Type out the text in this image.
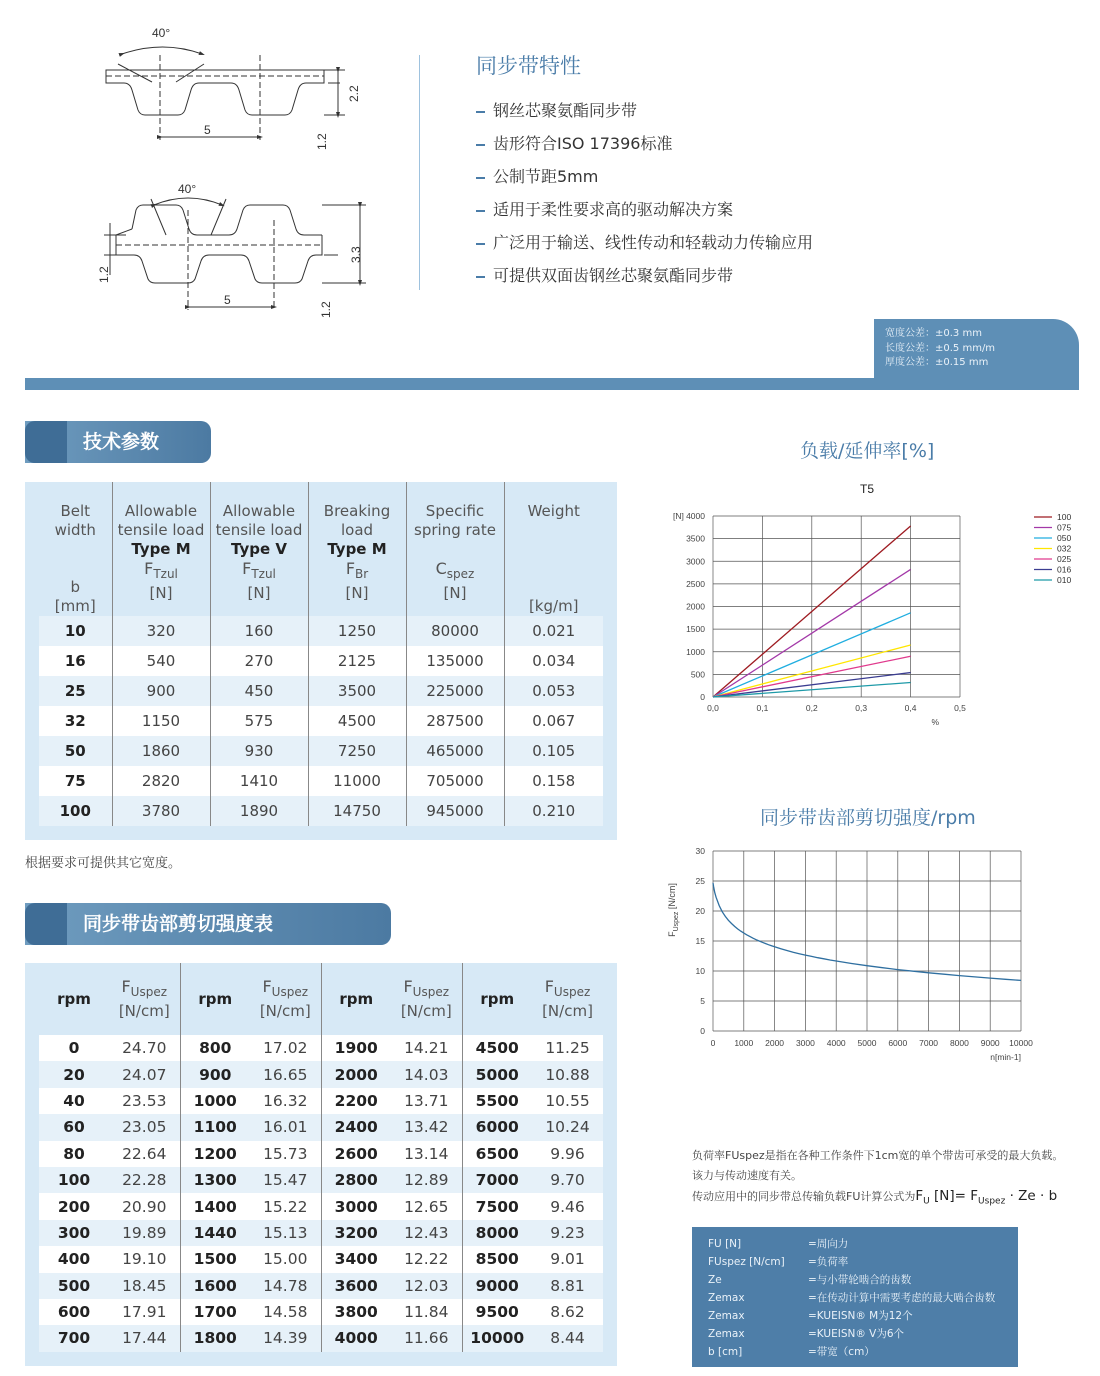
40°
5
2.2
1.2
40°
5
3.3
1.2
1.2
同步带特性
钢丝芯聚氨酯同步带
齿形符合ISO 17396标准
公制节距5mm
适用于柔性要求高的驱动解决方案
广泛用于输送、线性传动和轻载动力传输应用
可提供双面齿钢丝芯聚氨酯同步带
宽度公差：±0.3 mm
长度公差：±0.5 mm/m
厚度公差：±0.15 mm
技术参数
Belt
width

b
[mm]	Allowable
tensile load
Type M
$F_{Tzul}$
[N]	Allowable
tensile load
Type V
$F_{Tzul}$
[N]	Breaking
load
Type M
$F_{Br}$
[N]	Specific
spring rate

$C_{spez}$
[N]	Weight

[kg/m]
10	320	160	1250	80000	0.021
16	540	270	2125	135000	0.034
25	900	450	3500	225000	0.053
32	1150	575	4500	287500	0.067
50	1860	930	7250	465000	0.105
75	2820	1410	11000	705000	0.158
100	3780	1890	14750	945000	0.210
根据要求可提供其它宽度。
同步带齿部剪切强度表
rpm	$F_{Uspez}$
[N/cm]	rpm	$F_{Uspez}$
[N/cm]	rpm	$F_{Uspez}$
[N/cm]	rpm	$F_{Uspez}$
[N/cm]
0	24.70	800	17.02	1900	14.21	4500	11.25
20	24.07	900	16.65	2000	14.03	5000	10.88
40	23.53	1000	16.32	2200	13.71	5500	10.55
60	23.05	1100	16.01	2400	13.42	6000	10.24
80	22.64	1200	15.73	2600	13.14	6500	9.96
100	22.28	1300	15.47	2800	12.89	7000	9.70
200	20.90	1400	15.22	3000	12.65	7500	9.46
300	19.89	1440	15.13	3200	12.43	8000	9.23
400	19.10	1500	15.00	3400	12.22	8500	9.01
500	18.45	1600	14.78	3600	12.03	9000	8.81
600	17.91	1700	14.58	3800	11.84	9500	8.62
700	17.44	1800	14.39	4000	11.66	10000	8.44
负载/延伸率[%]
T5
0
500
1000
1500
2000
2500
3000
3500
4000
0,0	0,1	0,2	0,3	0,4	0,5
[N]
%
100
075
050
032
025
016
010
同步带齿部剪切强度/rpm
0
5
10
15
20
25
30
0 1000 2000 3000 4000 5000 6000 7000 8000 9000 10000
n[min-1]
$F_{Uspez}$ [N/cm]
负荷率FUspez是指在各种工作条件下1cm宽的单个带齿可承受的最大负载。
该力与传动速度有关。
传动应用中的同步带总传输负载FU计算公式为$F_U$ $[N]= F_{Uspez} \cdot Ze \cdot b$
FU [N]	=周向力
FUspez [N/cm]	=负荷率
Ze	=与小带轮啮合的齿数
Zemax	=在传动计算中需要考虑的最大啮合齿数
Zemax	=KUEISN® M为12个
Zemax	=KUEISN® V为6个
b [cm]	=带宽（cm）
